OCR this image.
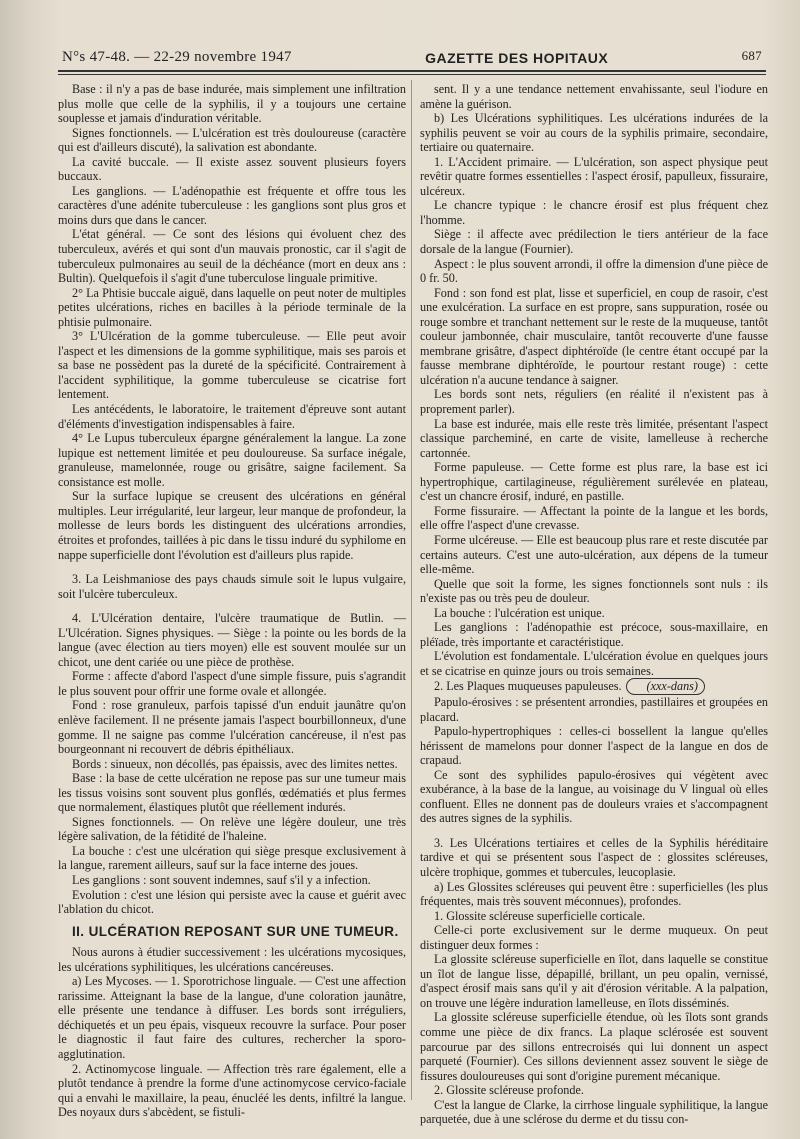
N°s 47-48. — 22-29 novembre 1947	GAZETTE DES HOPITAUX	687

Base : il n'y a pas de base indurée, mais simplement une infiltration plus molle que celle de la syphilis, il y a toujours une certaine souplesse et jamais d'induration véritable.

Signes fonctionnels. — L'ulcération est très douloureuse (caractère qui est d'ailleurs discuté), la salivation est abondante.

La cavité buccale. — Il existe assez souvent plusieurs foyers buccaux.

Les ganglions. — L'adénopathie est fréquente et offre tous les caractères d'une adénite tuberculeuse : les ganglions sont plus gros et moins durs que dans le cancer.

L'état général. — Ce sont des lésions qui évoluent chez des tuberculeux, avérés et qui sont d'un mauvais pronostic, car il s'agit de tuberculeux pulmonaires au seuil de la déchéance (mort en deux ans : Bultin). Quelquefois il s'agit d'une tuberculose linguale primitive.

2° La Phtisie buccale aiguë, dans laquelle on peut noter de multiples petites ulcérations, riches en bacilles à la période terminale de la phtisie pulmonaire.

3° L'Ulcération de la gomme tuberculeuse. — Elle peut avoir l'aspect et les dimensions de la gomme syphilitique, mais ses parois et sa base ne possèdent pas la dureté de la spécificité. Contrairement à l'accident syphilitique, la gomme tuberculeuse se cicatrise fort lentement.

Les antécédents, le laboratoire, le traitement d'épreuve sont autant d'éléments d'investigation indispensables à faire.

4° Le Lupus tuberculeux épargne généralement la langue. La zone lupique est nettement limitée et peu douloureuse. Sa surface inégale, granuleuse, mamelonnée, rouge ou grisâtre, saigne facilement. Sa consistance est molle.

Sur la surface lupique se creusent des ulcérations en général multiples. Leur irrégularité, leur largeur, leur manque de profondeur, la mollesse de leurs bords les distinguent des ulcérations arrondies, étroites et profondes, taillées à pic dans le tissu induré du syphilome en nappe superficielle dont l'évolution est d'ailleurs plus rapide.

3. La Leishmaniose des pays chauds simule soit le lupus vulgaire, soit l'ulcère tuberculeux.

4. L'Ulcération dentaire, l'ulcère traumatique de Butlin. — L'Ulcération. Signes physiques. — Siège : la pointe ou les bords de la langue (avec élection au tiers moyen) elle est souvent moulée sur un chicot, une dent cariée ou une pièce de prothèse.

Forme : affecte d'abord l'aspect d'une simple fissure, puis s'agrandit le plus souvent pour offrir une forme ovale et allongée.

Fond : rose granuleux, parfois tapissé d'un enduit jaunâtre qu'on enlève facilement. Il ne présente jamais l'aspect bourbillonneux, d'une gomme. Il ne saigne pas comme l'ulcération cancéreuse, il n'est pas bourgeonnant ni recouvert de débris épithéliaux.

Bords : sinueux, non décollés, pas épaissis, avec des limites nettes.

Base : la base de cette ulcération ne repose pas sur une tumeur mais les tissus voisins sont souvent plus gonflés, œdématiés et plus fermes que normalement, élastiques plutôt que réellement indurés.

Signes fonctionnels. — On relève une légère douleur, une très légère salivation, de la fétidité de l'haleine.

La bouche : c'est une ulcération qui siège presque exclusivement à la langue, rarement ailleurs, sauf sur la face interne des joues.

Les ganglions : sont souvent indemnes, sauf s'il y a infection.

Evolution : c'est une lésion qui persiste avec la cause et guérit avec l'ablation du chicot.

II. ULCÉRATION REPOSANT SUR UNE TUMEUR.

Nous aurons à étudier successivement : les ulcérations mycosiques, les ulcérations syphilitiques, les ulcérations cancéreuses.

a) Les Mycoses. — 1. Sporotrichose linguale. — C'est une affection rarissime. Atteignant la base de la langue, d'une coloration jaunâtre, elle présente une tendance à diffuser. Les bords sont irréguliers, déchiquetés et un peu épais, visqueux recouvre la surface. Pour poser le diagnostic il faut faire des cultures, rechercher la sporo-agglutination.

2. Actinomycose linguale. — Affection très rare également, elle a plutôt tendance à prendre la forme d'une actinomycose cervico-faciale qui a envahi le maxillaire, la peau, énucléé les dents, infiltré la langue. Des noyaux durs s'abcèdent, se fistuli-

sent. Il y a une tendance nettement envahissante, seul l'iodure en amène la guérison.

b) Les Ulcérations syphilitiques. Les ulcérations indurées de la syphilis peuvent se voir au cours de la syphilis primaire, secondaire, tertiaire ou quaternaire.

1. L'Accident primaire. — L'ulcération, son aspect physique peut revêtir quatre formes essentielles : l'aspect érosif, papulleux, fissuraire, ulcéreux.

Le chancre typique : le chancre érosif est plus fréquent chez l'homme.

Siège : il affecte avec prédilection le tiers antérieur de la face dorsale de la langue (Fournier).

Aspect : le plus souvent arrondi, il offre la dimension d'une pièce de 0 fr. 50.

Fond : son fond est plat, lisse et superficiel, en coup de rasoir, c'est une exulcération. La surface en est propre, sans suppuration, rosée ou rouge sombre et tranchant nettement sur le reste de la muqueuse, tantôt couleur jambonnée, chair musculaire, tantôt recouverte d'une fausse membrane grisâtre, d'aspect diphtéroïde (le centre étant occupé par la fausse membrane diphtéroïde, le pourtour restant rouge) : cette ulcération n'a aucune tendance à saigner.

Les bords sont nets, réguliers (en réalité il n'existent pas à proprement parler).

La base est indurée, mais elle reste très limitée, présentant l'aspect classique parcheminé, en carte de visite, lamelleuse à recherche cartonnée.

Forme papuleuse. — Cette forme est plus rare, la base est ici hypertrophique, cartilagineuse, régulièrement surélevée en plateau, c'est un chancre érosif, induré, en pastille.

Forme fissuraire. — Affectant la pointe de la langue et les bords, elle offre l'aspect d'une crevasse.

Forme ulcéreuse. — Elle est beaucoup plus rare et reste discutée par certains auteurs. C'est une auto-ulcération, aux dépens de la tumeur elle-même.

Quelle que soit la forme, les signes fonctionnels sont nuls : ils n'existe pas ou très peu de douleur.

La bouche : l'ulcération est unique.

Les ganglions : l'adénopathie est précoce, sous-maxillaire, en pléïade, très importante et caractéristique.

L'évolution est fondamentale. L'ulcération évolue en quelques jours et se cicatrise en quinze jours ou trois semaines.

2. Les Plaques muqueuses papuleuses. (xxx-dans)

Papulo-érosives : se présentent arrondies, pastillaires et groupées en placard.

Papulo-hypertrophiques : celles-ci bossellent la langue qu'elles hérissent de mamelons pour donner l'aspect de la langue en dos de crapaud.

Ce sont des syphilides papulo-érosives qui végètent avec exubérance, à la base de la langue, au voisinage du V lingual où elles confluent. Elles ne donnent pas de douleurs vraies et s'accompagnent des autres signes de la syphilis.

3. Les Ulcérations tertiaires et celles de la Syphilis héréditaire tardive et qui se présentent sous l'aspect de : glossites scléreuses, ulcère trophique, gommes et tubercules, leucoplasie.

a) Les Glossites scléreuses qui peuvent être : superficielles (les plus fréquentes, mais très souvent méconnues), profondes.

1. Glossite scléreuse superficielle corticale.

Celle-ci porte exclusivement sur le derme muqueux. On peut distinguer deux formes :

La glossite scléreuse superficielle en îlot, dans laquelle se constitue un îlot de langue lisse, dépapillé, brillant, un peu opalin, vernissé, d'aspect érosif mais sans qu'il y ait d'érosion véritable. A la palpation, on trouve une légère induration lamelleuse, en îlots disséminés.

La glossite scléreuse superficielle étendue, où les îlots sont grands comme une pièce de dix francs. La plaque sclérosée est souvent parcourue par des sillons entrecroisés qui lui donnent un aspect parqueté (Fournier). Ces sillons deviennent assez souvent le siège de fissures douloureuses qui sont d'origine purement mécanique.

2. Glossite scléreuse profonde.

C'est la langue de Clarke, la cirrhose linguale syphilitique, la langue parquetée, due à une sclérose du derme et du tissu con-
